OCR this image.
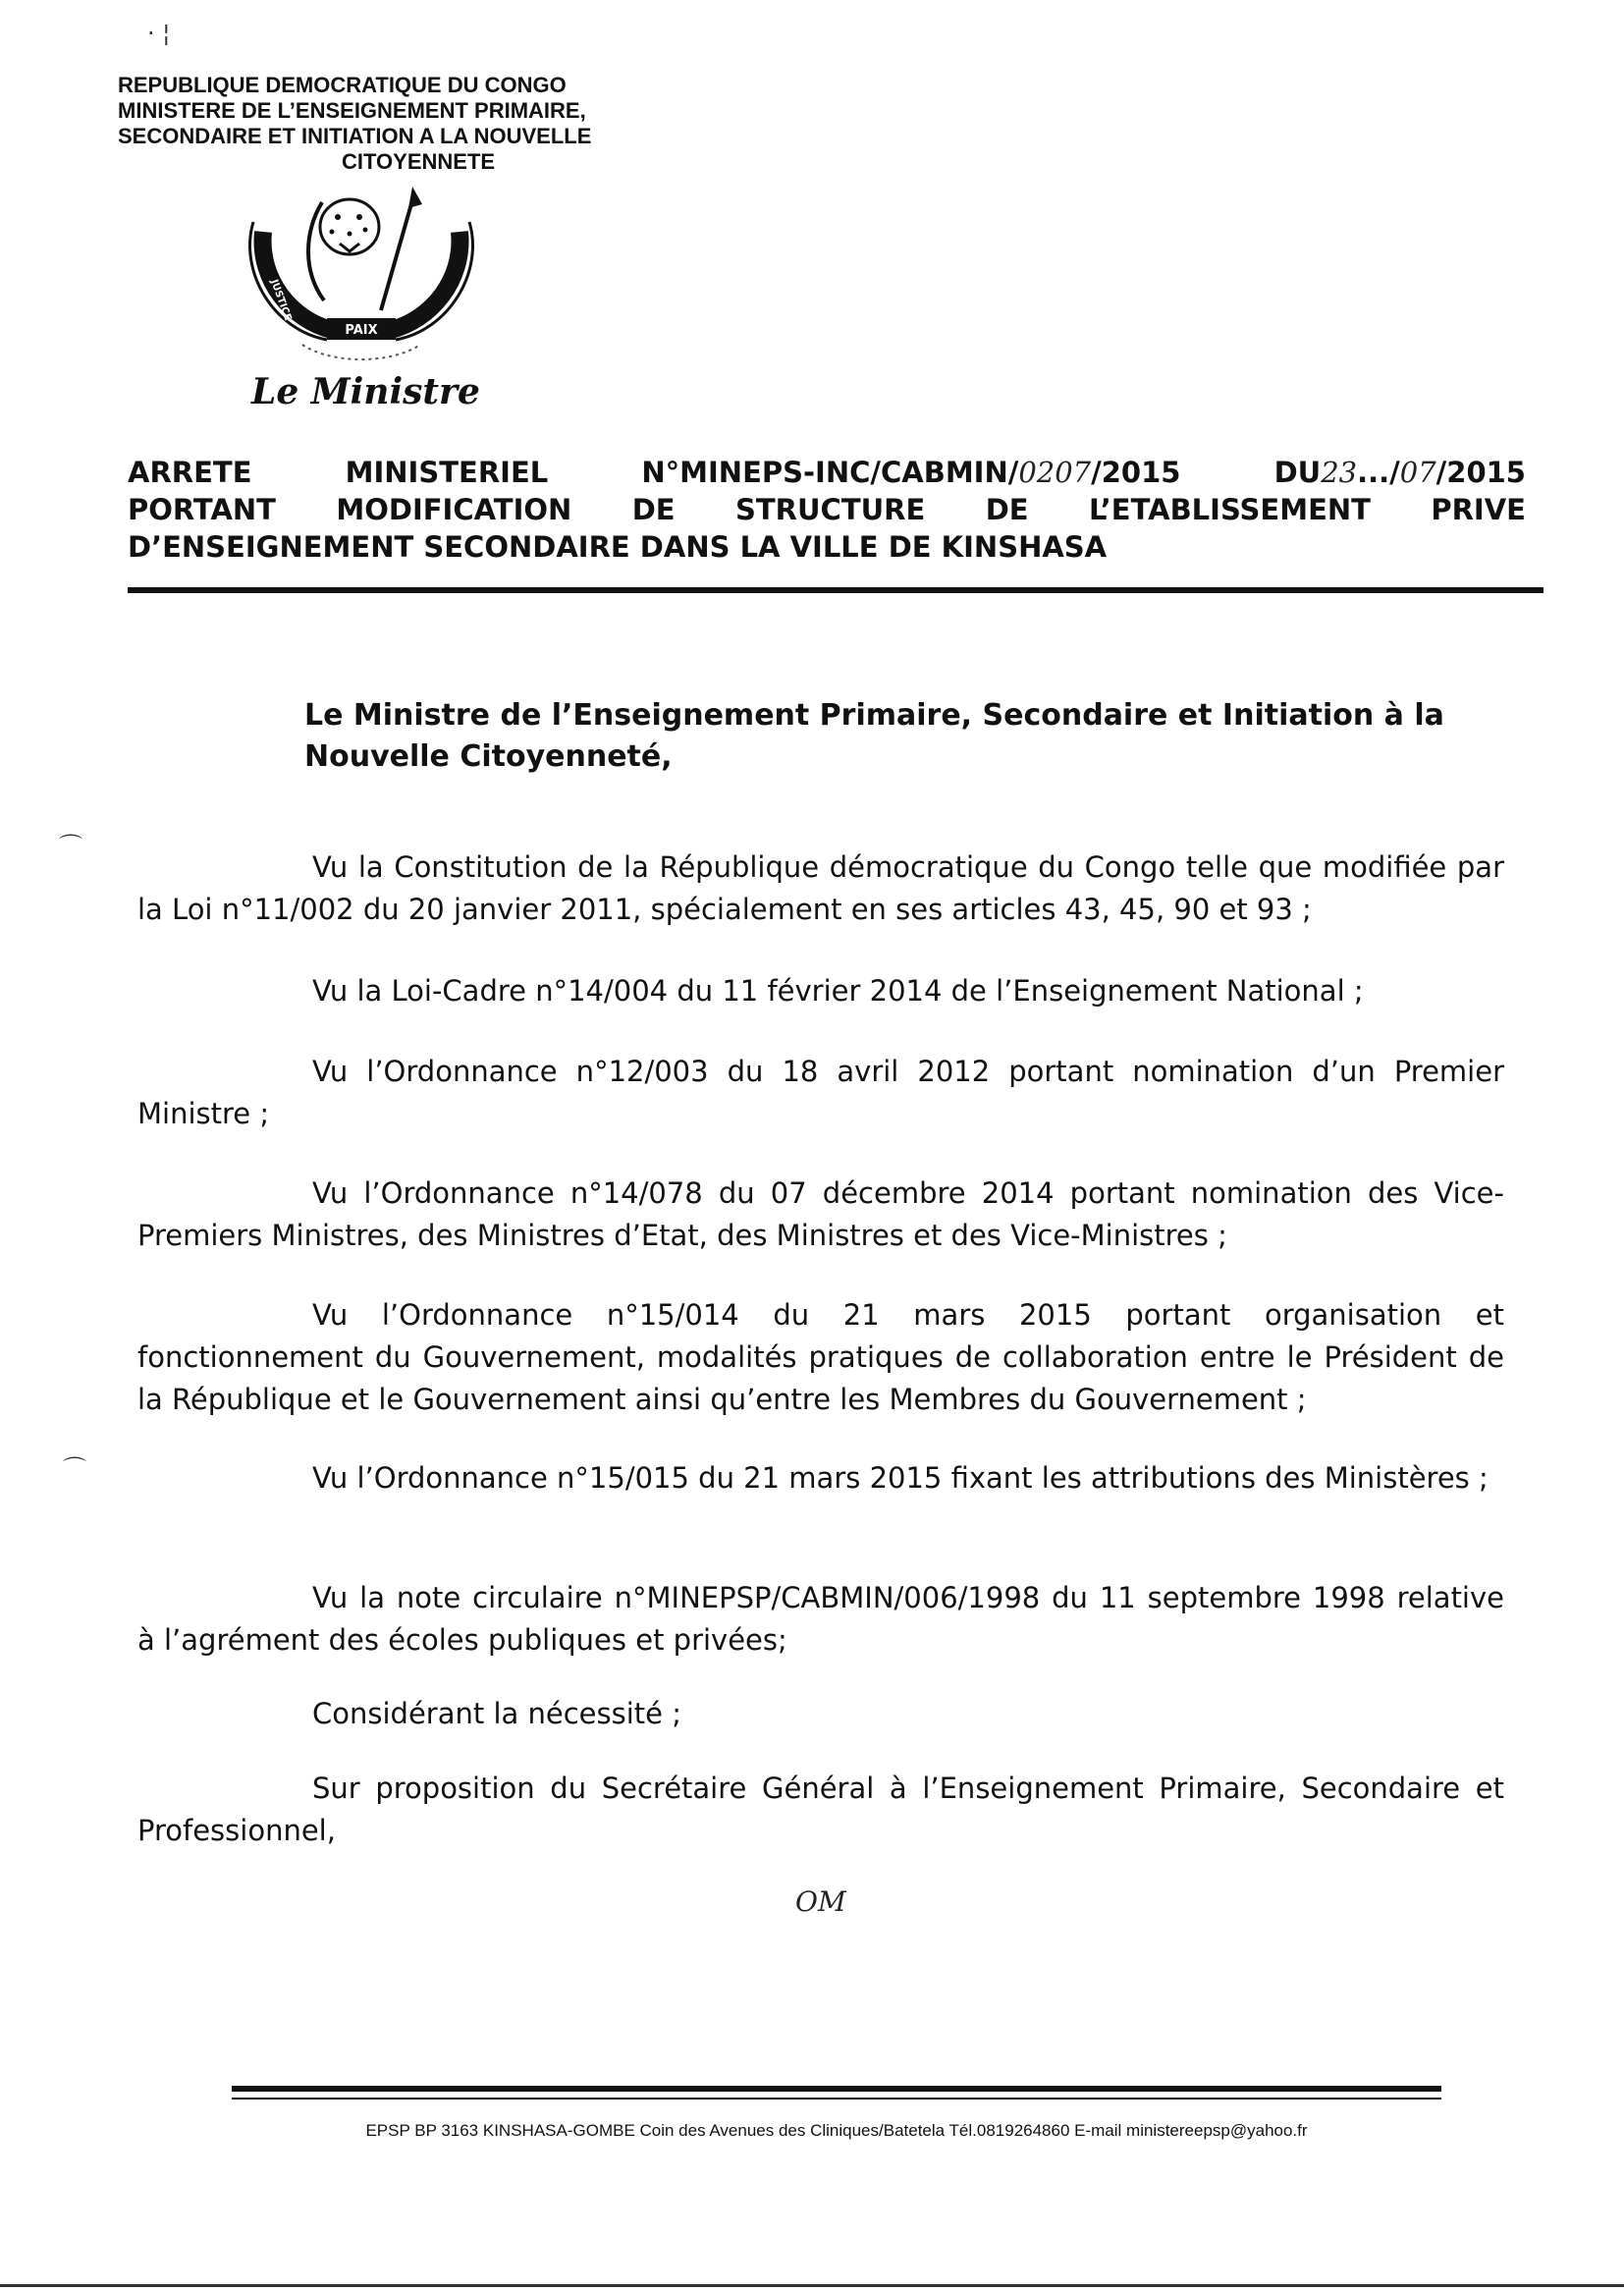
· ¦
REPUBLIQUE DEMOCRATIQUE DU CONGO
MINISTERE DE L’ENSEIGNEMENT PRIMAIRE,
SECONDAIRE ET INITIATION A LA NOUVELLE
CITOYENNETE
PAIX
JUSTICE
TRAVAIL
Le Ministre
ARRETE	MINISTERIEL	N°MINEPS-INC/CABMIN/0207/2015	DU23.../07/2015
PORTANT MODIFICATION DE STRUCTURE DE L’ETABLISSEMENT PRIVE
D’ENSEIGNEMENT SECONDAIRE DANS LA VILLE DE KINSHASA
Le Ministre de l’Enseignement Primaire, Secondaire et Initiation à la Nouvelle Citoyenneté,
Vu la Constitution de la République démocratique du Congo telle que modifiée par la Loi n°11/002 du 20 janvier 2011, spécialement en ses articles 43, 45, 90 et 93 ;
Vu la Loi-Cadre n°14/004 du 11 février 2014 de l’Enseignement National ;
Vu l’Ordonnance n°12/003 du 18 avril 2012 portant nomination d’un Premier Ministre ;
Vu l’Ordonnance n°14/078 du 07 décembre 2014 portant nomination des Vice-Premiers Ministres, des Ministres d’Etat, des Ministres et des Vice-Ministres ;
Vu l’Ordonnance n°15/014 du 21 mars 2015 portant organisation et fonctionnement du Gouvernement, modalités pratiques de collaboration entre le Président de la République et le Gouvernement ainsi qu’entre les Membres du Gouvernement ;
Vu l’Ordonnance n°15/015 du 21 mars 2015 fixant les attributions des Ministères ;
Vu la note circulaire n°MINEPSP/CABMIN/006/1998 du 11 septembre 1998 relative à l’agrément des écoles publiques et privées;
Considérant la nécessité ;
Sur proposition du Secrétaire Général à l’Enseignement Primaire, Secondaire et Professionnel,
⌒
⌒
OM
EPSP BP 3163 KINSHASA-GOMBE Coin des Avenues des Cliniques/Batetela Tél.0819264860 E-mail ministereepsp@yahoo.fr
